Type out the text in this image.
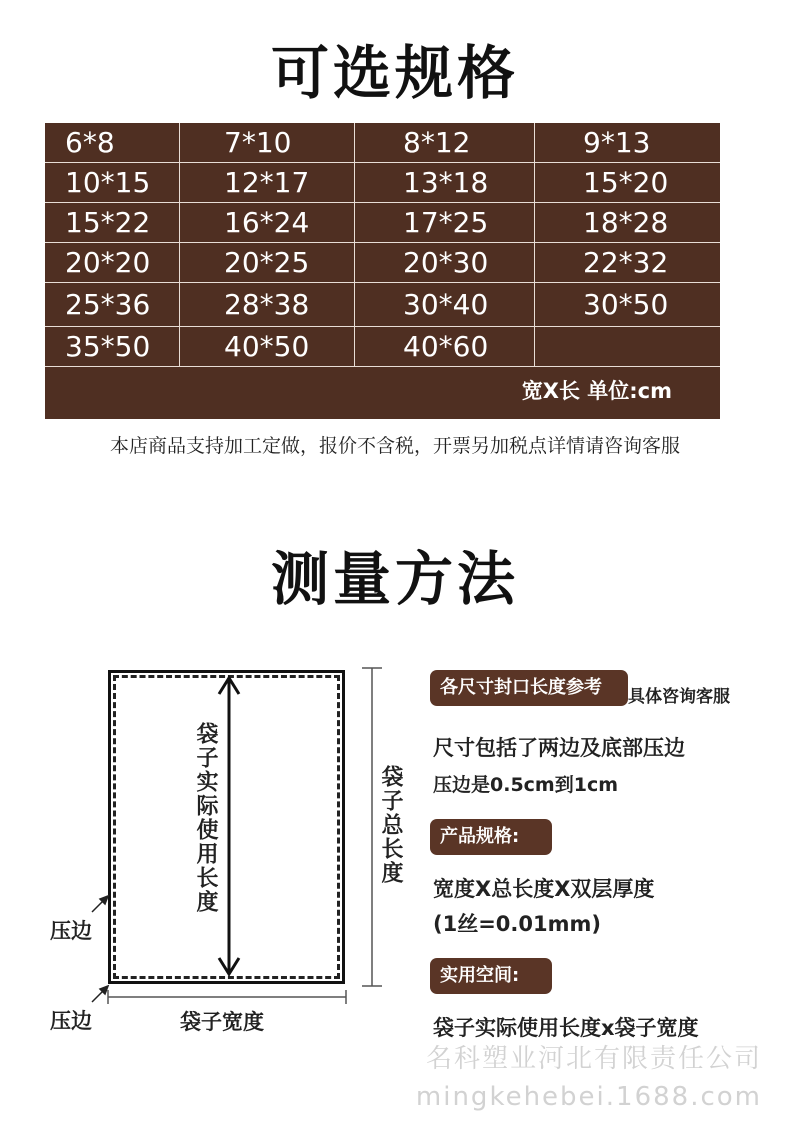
可选规格
6*8	7*10	8*12	9*13
10*15	12*17	13*18	15*20
15*22	16*24	17*25	18*28
20*20	20*25	20*30	22*32
25*36	28*38	30*40	30*50
35*50	40*50	40*60
宽X长 单位:cm
本店商品支持加工定做，报价不含税，开票另加税点详情请咨询客服
测量方法
袋子实际使用长度	袋子总长度
袋子宽度
压边
压边
各尺寸封口长度参考	具体咨询客服
尺寸包括了两边及底部压边
压边是0.5cm到1cm
产品规格:
宽度X总长度X双层厚度
(1丝=0.01mm)
实用空间:
袋子实际使用长度x袋子宽度
名科塑业河北有限责任公司
mingkehebei.1688.com
